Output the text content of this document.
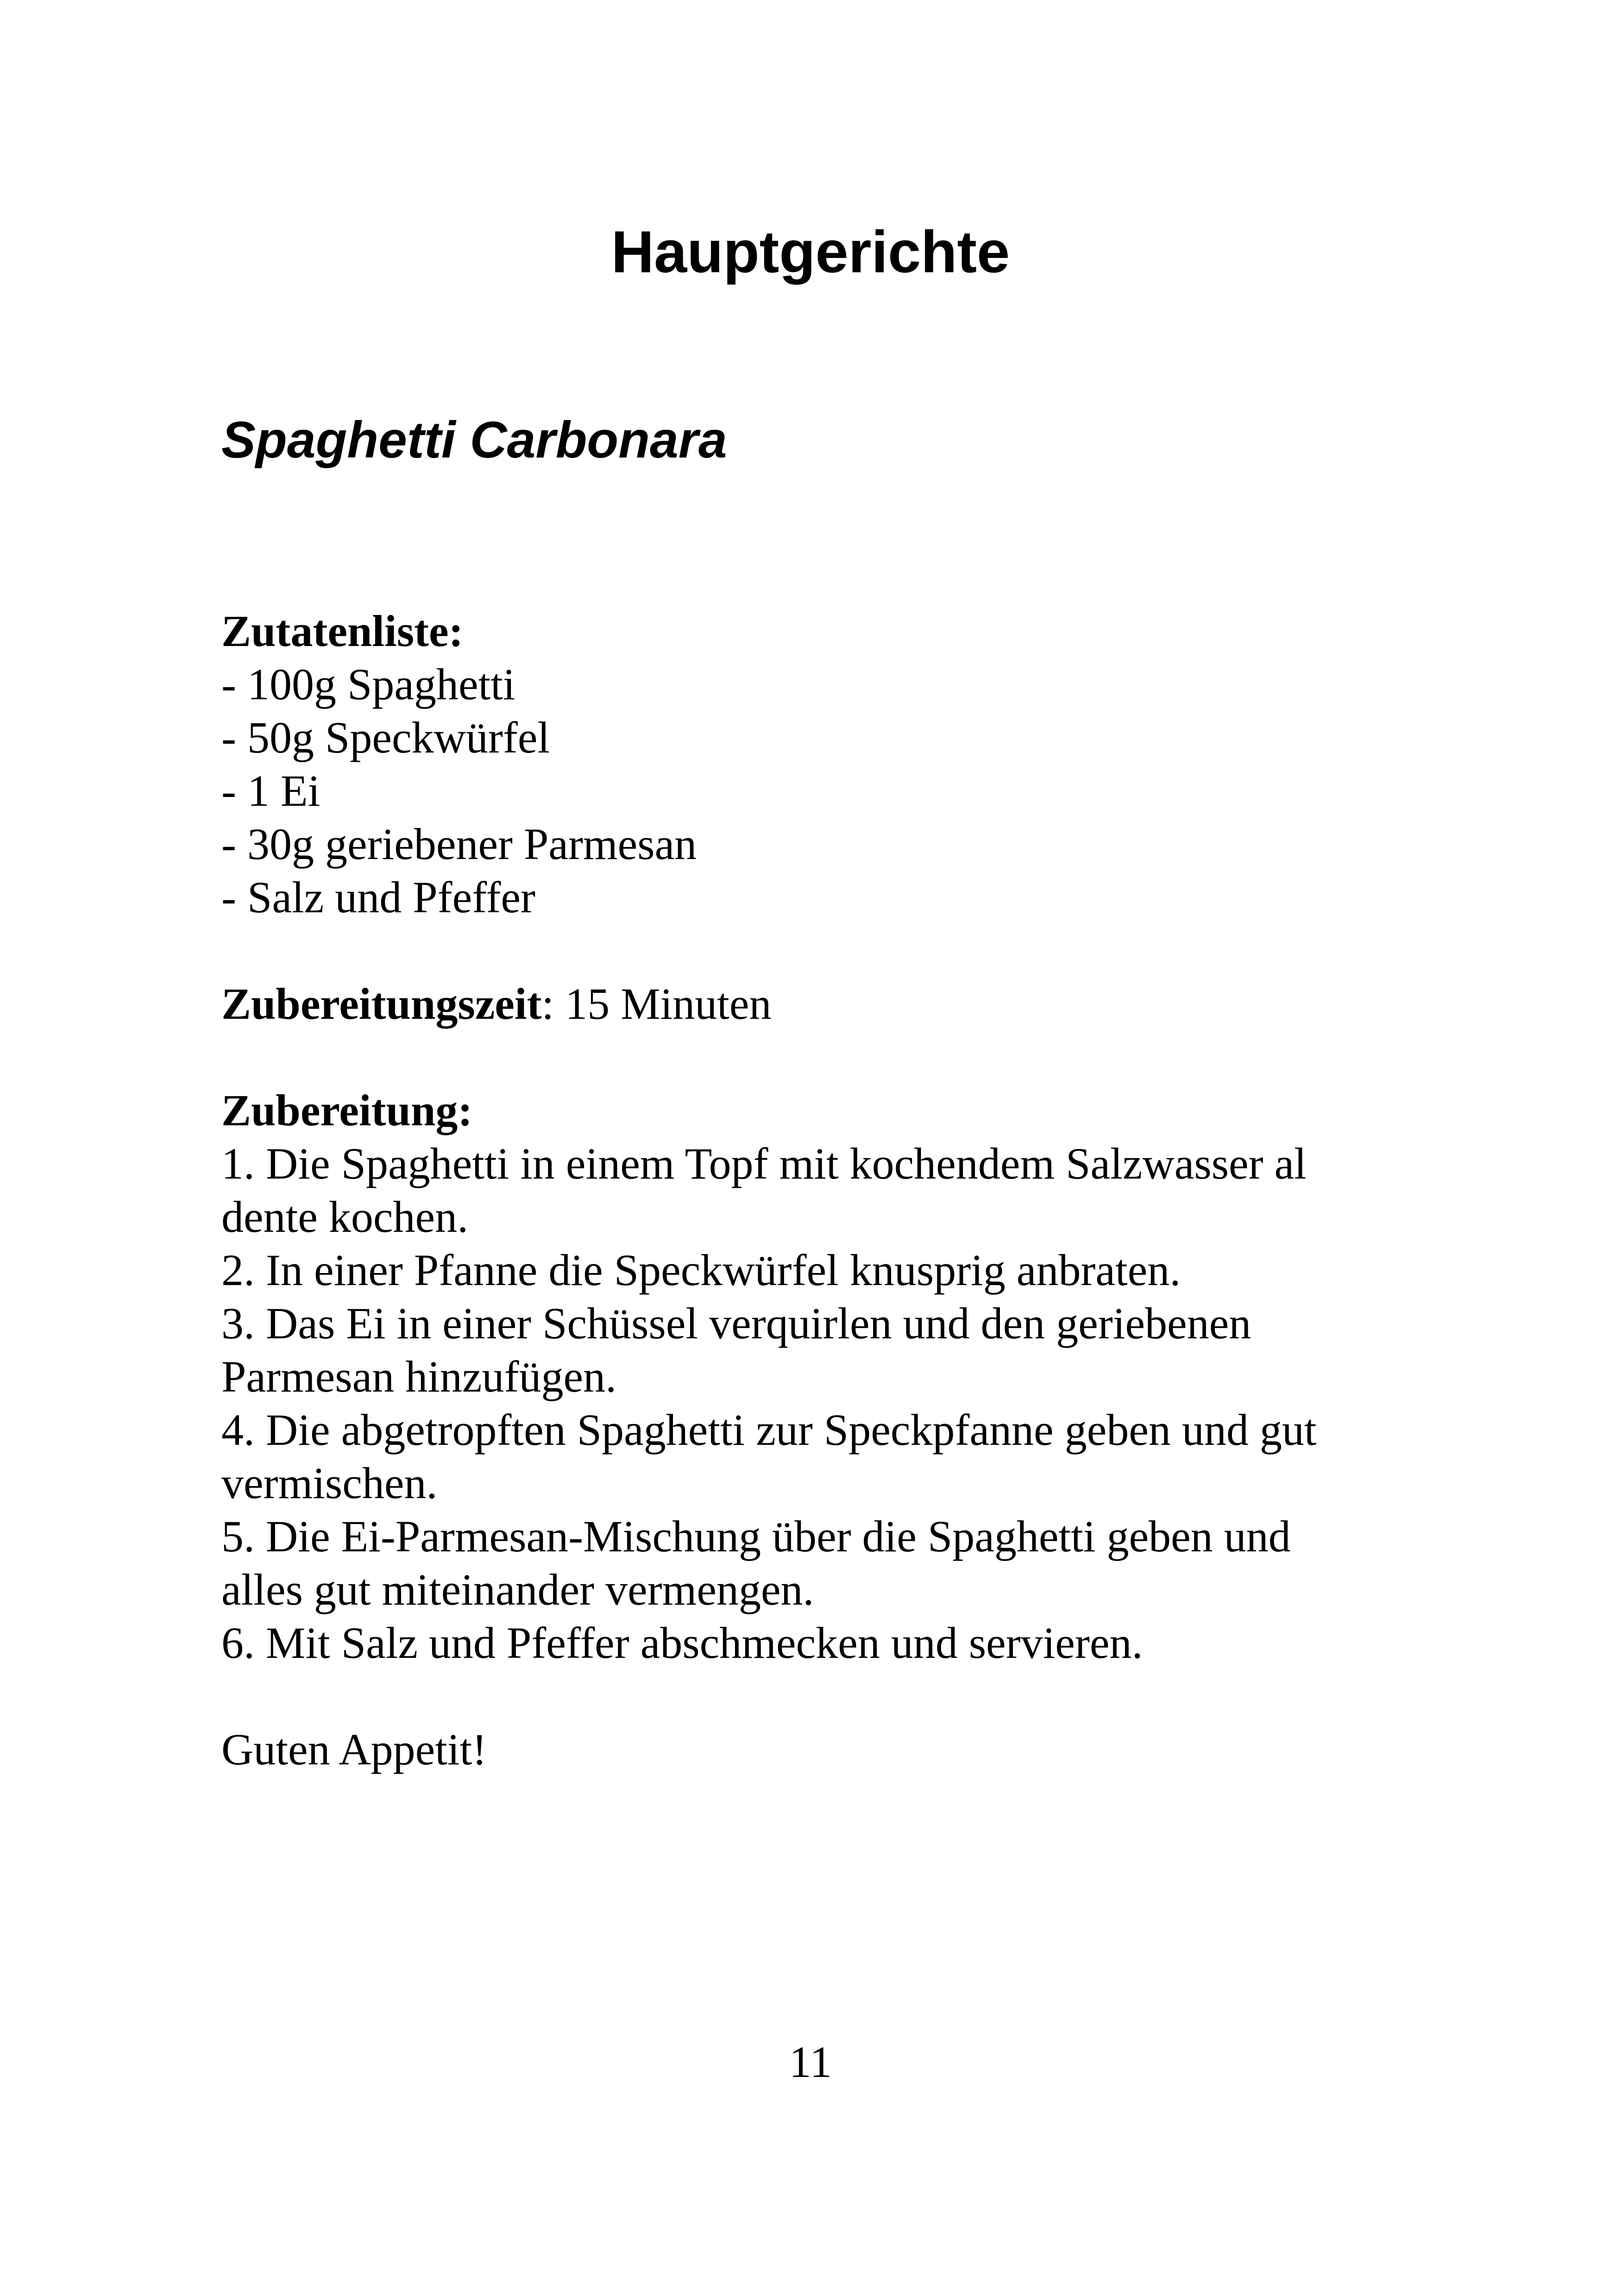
Hauptgerichte
Spaghetti Carbonara
Zutatenliste:
- 100g Spaghetti
- 50g Speckwürfel
- 1 Ei
- 30g geriebener Parmesan
- Salz und Pfeffer
Zubereitungszeit: 15 Minuten
Zubereitung:
1. Die Spaghetti in einem Topf mit kochendem Salzwasser al
dente kochen.
2. In einer Pfanne die Speckwürfel knusprig anbraten.
3. Das Ei in einer Schüssel verquirlen und den geriebenen
Parmesan hinzufügen.
4. Die abgetropften Spaghetti zur Speckpfanne geben und gut
vermischen.
5. Die Ei-Parmesan-Mischung über die Spaghetti geben und
alles gut miteinander vermengen.
6. Mit Salz und Pfeffer abschmecken und servieren.
Guten Appetit!
11
